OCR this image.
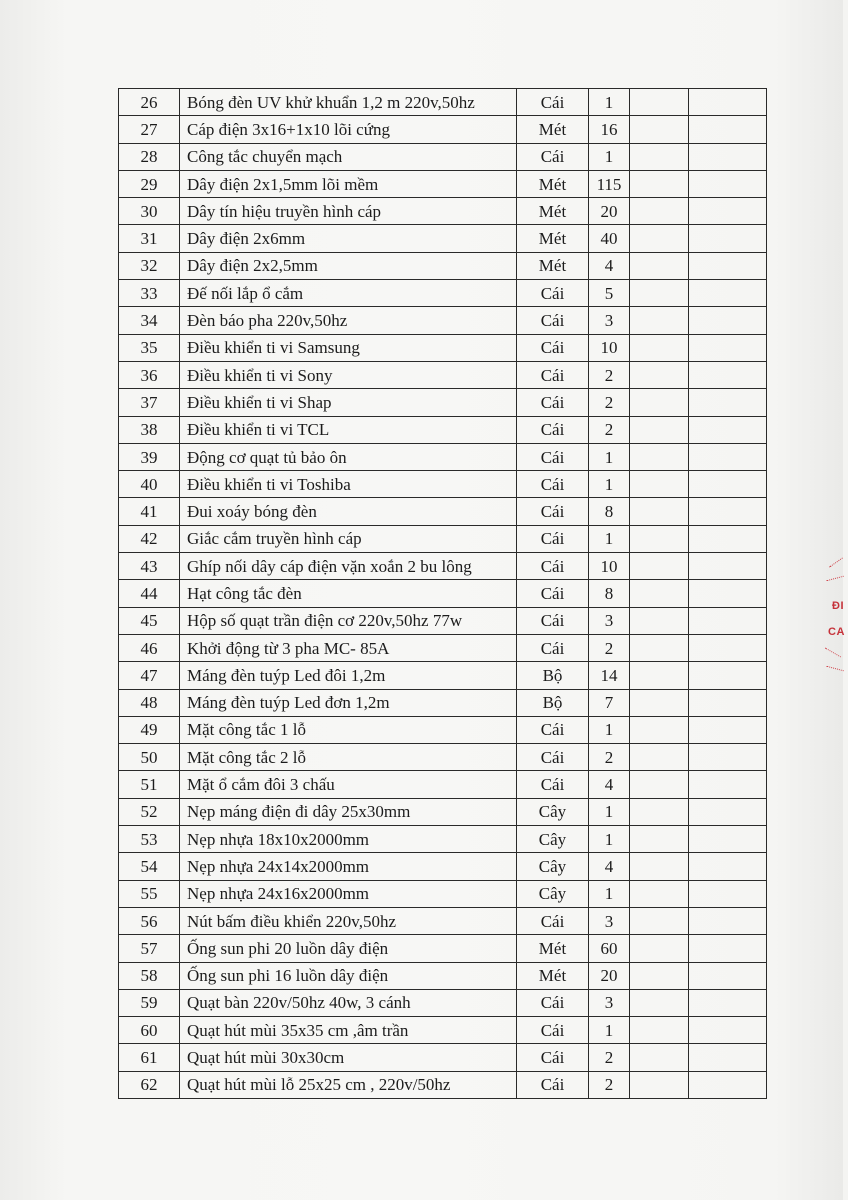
26	Bóng đèn UV khử khuẩn 1,2 m 220v,50hz	Cái	1		
27	Cáp điện 3x16+1x10 lõi cứng	Mét	16		
28	Công tắc chuyển mạch	Cái	1		
29	Dây điện 2x1,5mm lõi mềm	Mét	115		
30	Dây tín hiệu truyền hình cáp	Mét	20		
31	Dây điện 2x6mm	Mét	40		
32	Dây điện 2x2,5mm	Mét	4		
33	Đế nối lắp ổ cắm	Cái	5		
34	Đèn báo pha 220v,50hz	Cái	3		
35	Điều khiển ti vi Samsung	Cái	10		
36	Điều khiển ti vi Sony	Cái	2		
37	Điều khiển ti vi Shap	Cái	2		
38	Điều khiển ti vi TCL	Cái	2		
39	Động cơ quạt tủ bảo ôn	Cái	1		
40	Điều khiển ti vi Toshiba	Cái	1		
41	Đui xoáy bóng đèn	Cái	8		
42	Giắc cắm truyền hình cáp	Cái	1		
43	Ghíp nối dây cáp điện vặn xoắn 2 bu lông	Cái	10		
44	Hạt công tắc đèn	Cái	8		
45	Hộp số quạt trần điện cơ 220v,50hz 77w	Cái	3		
46	Khởi động từ 3 pha MC- 85A	Cái	2		
47	Máng đèn tuýp Led đôi 1,2m	Bộ	14		
48	Máng đèn tuýp Led đơn 1,2m	Bộ	7		
49	Mặt công tắc 1 lỗ	Cái	1		
50	Mặt công tắc 2 lỗ	Cái	2		
51	Mặt ổ cắm đôi 3 chấu	Cái	4		
52	Nẹp máng điện đi dây 25x30mm	Cây	1		
53	Nẹp nhựa 18x10x2000mm	Cây	1		
54	Nẹp nhựa 24x14x2000mm	Cây	4		
55	Nẹp nhựa 24x16x2000mm	Cây	1		
56	Nút bấm điều khiển 220v,50hz	Cái	3		
57	Ống sun phi 20 luồn dây điện	Mét	60		
58	Ống sun phi 16 luồn dây điện	Mét	20		
59	Quạt bàn 220v/50hz 40w, 3 cánh	Cái	3		
60	Quạt hút mùi 35x35 cm ,âm trần	Cái	1		
61	Quạt hút mùi 30x30cm	Cái	2		
62	Quạt hút mùi lỗ 25x25 cm , 220v/50hz	Cái	2		
ĐI
CA
